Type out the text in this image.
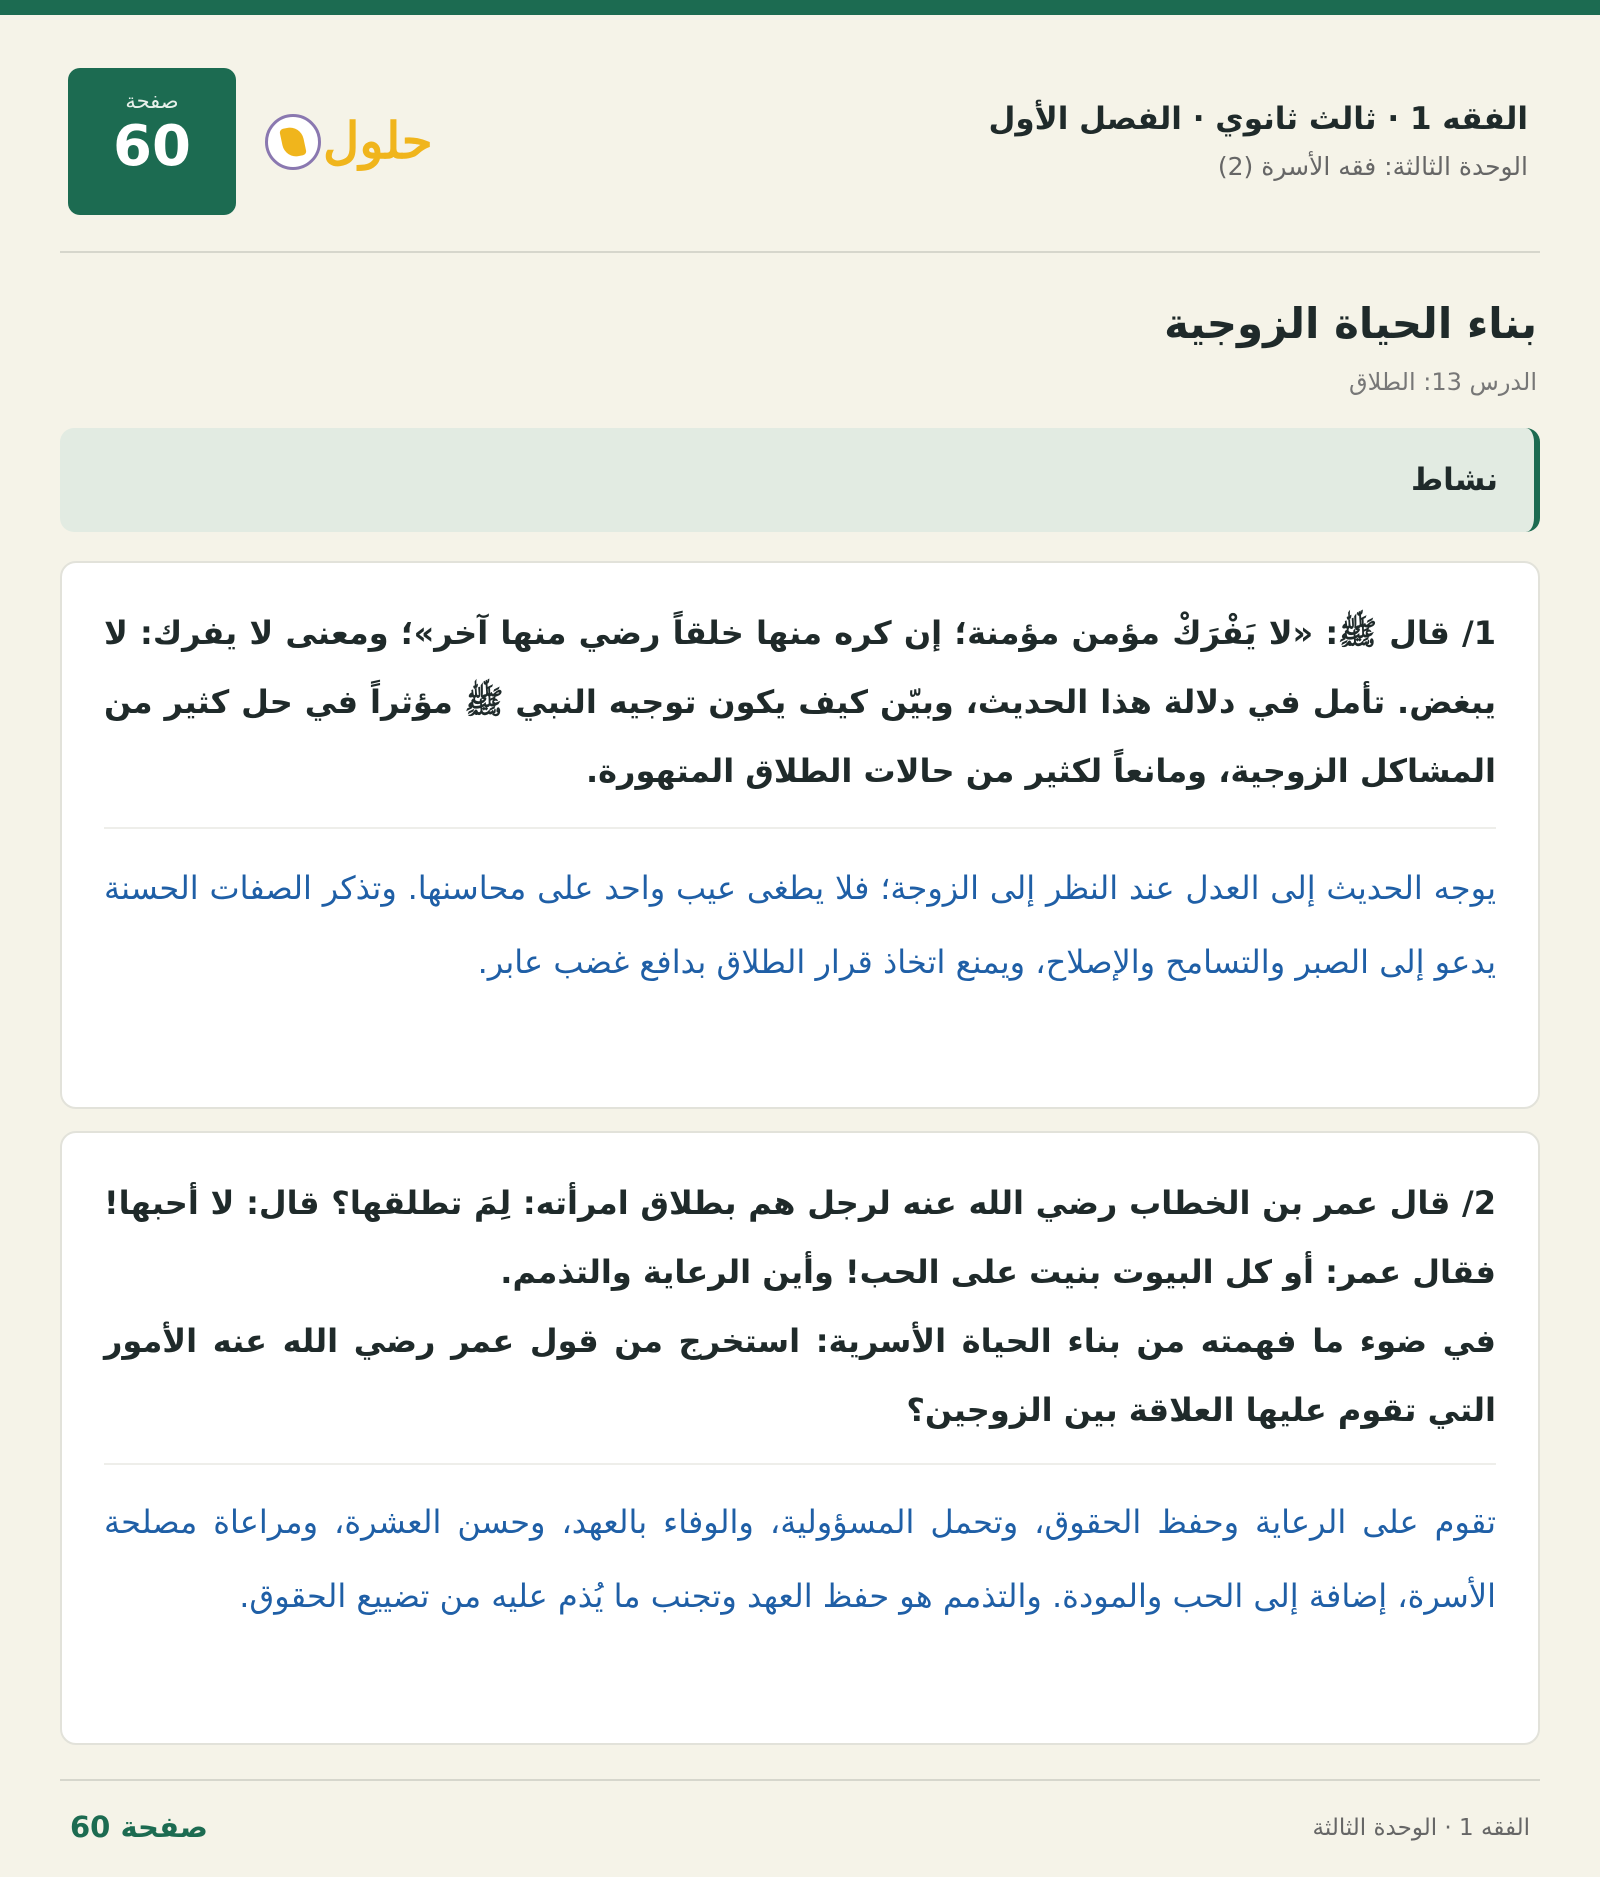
الفقه 1 · ثالث ثانوي · الفصل الأول
الوحدة الثالثة: فقه الأسرة (2)
صفحة
60	حلول
بناء الحياة الزوجية
الدرس 13: الطلاق
نشاط
1/ قال ﷺ: «لا يَفْرَكْ مؤمن مؤمنة؛ إن كره منها خلقاً رضي منها آخر»؛ ومعنى لا يفرك: لا يبغض. تأمل في دلالة هذا الحديث، وبيّن كيف يكون توجيه النبي ﷺ مؤثراً في حل كثير من المشاكل الزوجية، ومانعاً لكثير من حالات الطلاق المتهورة.
يوجه الحديث إلى العدل عند النظر إلى الزوجة؛ فلا يطغى عيب واحد على محاسنها. وتذكر الصفات الحسنة يدعو إلى الصبر والتسامح والإصلاح، ويمنع اتخاذ قرار الطلاق بدافع غضب عابر.
2/ قال عمر بن الخطاب رضي الله عنه لرجل هم بطلاق امرأته: لِمَ تطلقها؟ قال: لا أحبها! فقال عمر: أو كل البيوت بنيت على الحب! وأين الرعاية والتذمم.
في ضوء ما فهمته من بناء الحياة الأسرية: استخرج من قول عمر رضي الله عنه الأمور التي تقوم عليها العلاقة بين الزوجين؟
تقوم على الرعاية وحفظ الحقوق، وتحمل المسؤولية، والوفاء بالعهد، وحسن العشرة، ومراعاة مصلحة الأسرة، إضافة إلى الحب والمودة. والتذمم هو حفظ العهد وتجنب ما يُذم عليه من تضييع الحقوق.
الفقه 1 · الوحدة الثالثة
صفحة 60
